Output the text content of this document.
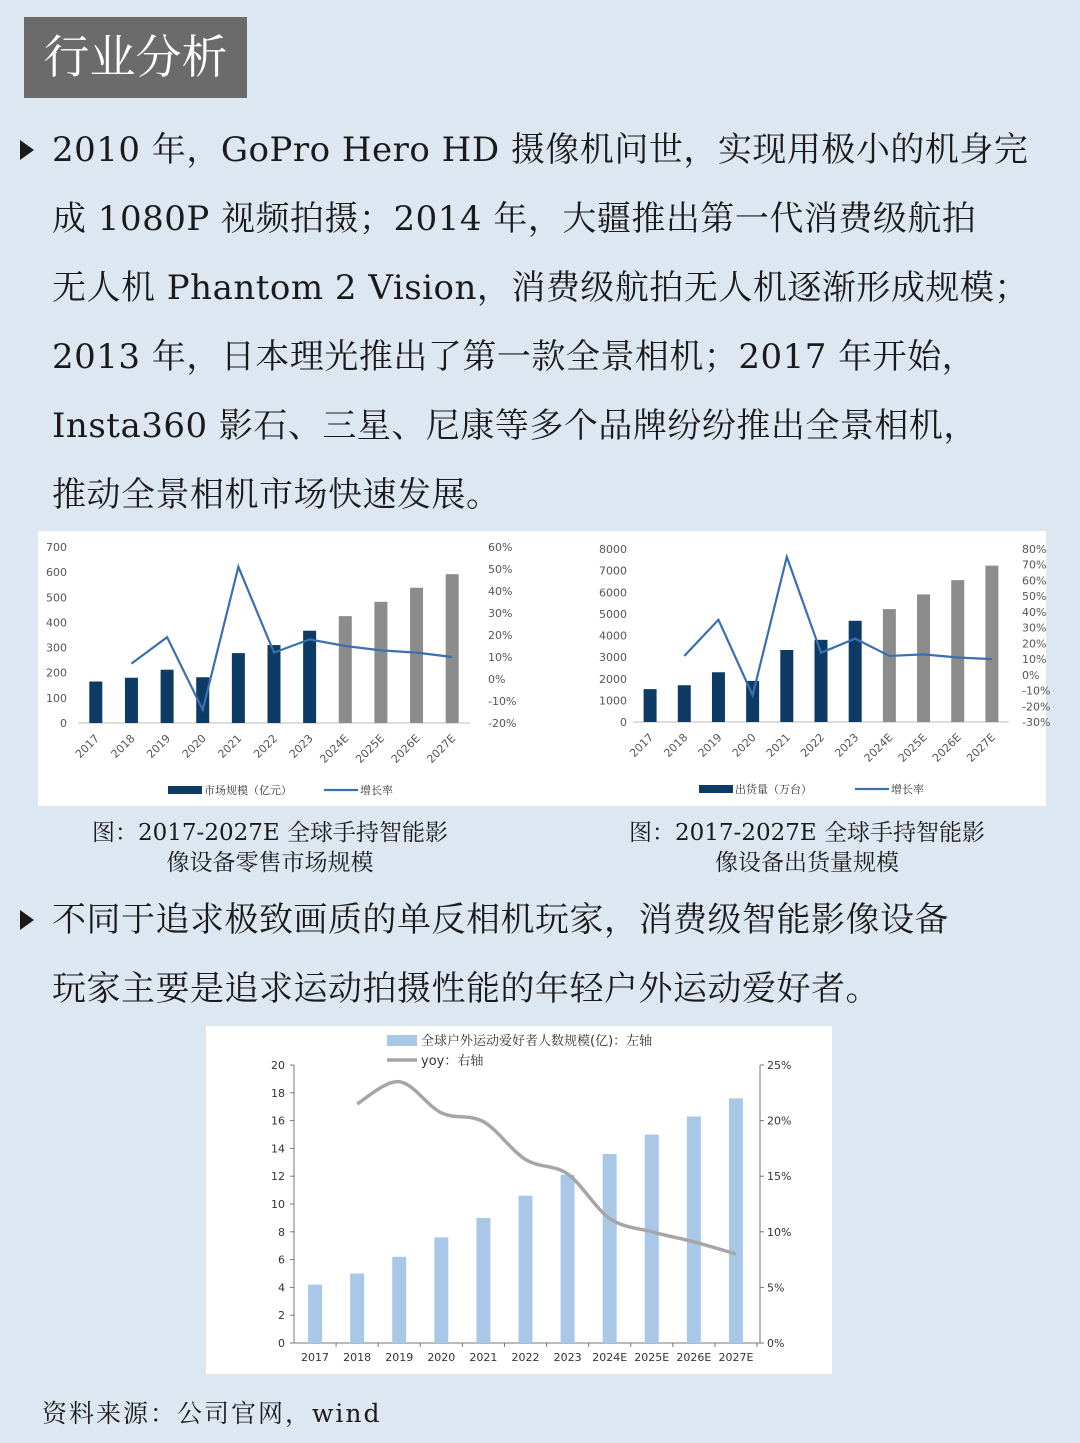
行业分析
2010 年，GoPro Hero HD 摄像机问世，实现用极小的机身完
成 1080P 视频拍摄；2014 年，大疆推出第一代消费级航拍
无人机 Phantom 2 Vision，消费级航拍无人机逐渐形成规模；
2013 年，日本理光推出了第一款全景相机；2017 年开始，
Insta360 影石、三星、尼康等多个品牌纷纷推出全景相机，
推动全景相机市场快速发展。
0
100
200
300
400
500
600
700
-20%
-10%
0%
10%
20%
30%
40%
50%
60%
2017 2018 2019 2020 2021 2022 2023 2024E 2025E 2026E 2027E
市场规模（亿元）	增长率
0
1000
2000
3000
4000
5000
6000
7000
8000
-30%
-20%
-10%
0%
10%
20%
30%
40%
50%
60%
70%
80%
2017 2018 2019 2020 2021 2022 2023 2024E 2025E 2026E 2027E
出货量（万台）	增长率
图：2017-2027E 全球手持智能影
像设备零售市场规模
图：2017-2027E 全球手持智能影
像设备出货量规模
不同于追求极致画质的单反相机玩家，消费级智能影像设备
玩家主要是追求运动拍摄性能的年轻户外运动爱好者。
0
2
4
6
8
10
12
14
16
18
20
0%
5%
10%
15%
20%
25%
2017 2018 2019 2020 2021 2022 2023 2024E 2025E 2026E 2027E
全球户外运动爱好者人数规模(亿)：左轴
yoy：右轴
资料来源：公司官网，wind
